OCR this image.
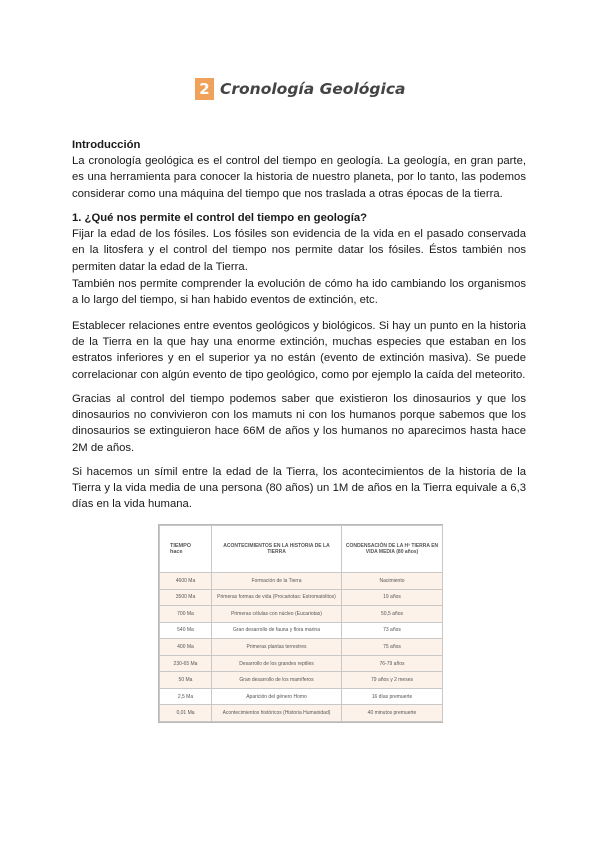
2 Cronología Geológica

Introducción

La cronología geológica es el control del tiempo en geología. La geología, en gran parte, es una herramienta para conocer la historia de nuestro planeta, por lo tanto, las podemos considerar como una máquina del tiempo que nos traslada a otras épocas de la tierra.

1. ¿Qué nos permite el control del tiempo en geología?

Fijar la edad de los fósiles. Los fósiles son evidencia de la vida en el pasado conservada en la litosfera y el control del tiempo nos permite datar los fósiles. Éstos también nos permiten datar la edad de la Tierra.

También nos permite comprender la evolución de cómo ha ido cambiando los organismos a lo largo del tiempo, si han habido eventos de extinción, etc.

Establecer relaciones entre eventos geológicos y biológicos. Si hay un punto en la historia de la Tierra en la que hay una enorme extinción, muchas especies que estaban en los estratos inferiores y en el superior ya no están (evento de extinción masiva). Se puede correlacionar con algún evento de tipo geológico, como por ejemplo la caída del meteorito.

Gracias al control del tiempo podemos saber que existieron los dinosaurios y que los dinosaurios no convivieron con los mamuts ni con los humanos porque sabemos que los dinosaurios se extinguieron hace 66M de años y los humanos no aparecimos hasta hace 2M de años.

Si hacemos un símil entre la edad de la Tierra, los acontecimientos de la historia de la Tierra y la vida media de una persona (80 años) un 1M de años en la Tierra equivale a 6,3 días en la vida humana.

TIEMPO
hace	ACONTECIMIENTOS EN LA HISTORIA DE LA TIERRA	CONDENSACIÓN DE LA Hª TIERRA EN VIDA MEDIA (80 años)
4600 Ma	Formación de la Tierra	Nacimiento
3500 Ma	Primeras formas de vida (Procariotas: Estromatolitos)	19 años
700 Ma	Primeras células con núcleo (Eucariotas)	50,5 años
540 Ma	Gran desarrollo de fauna y flora marina	73 años
400 Ma	Primeras plantas terrestres	75 años
230-65 Ma	Desarrollo de los grandes reptiles	76-79 años
50 Ma	Gran desarrollo de los mamíferos	79 años y 2 meses
2,5 Ma	Aparición del género Homo	16 días premuerte
0,01 Ma	Acontecimientos históricos (Historia Humanidad)	40 minutos premuerte
